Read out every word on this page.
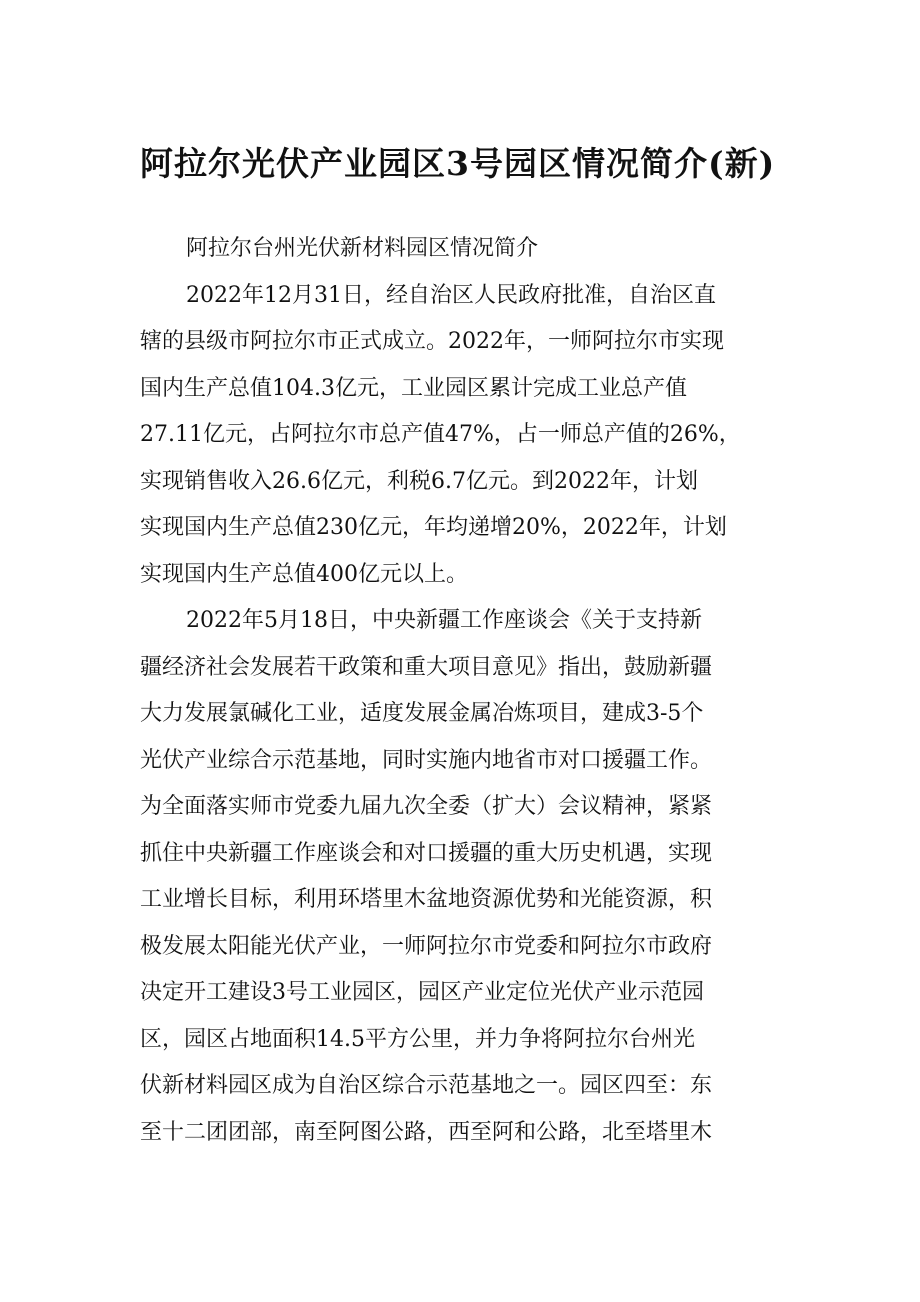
阿拉尔光伏产业园区3号园区情况简介(新)
阿拉尔台州光伏新材料园区情况简介
2022年12月31日，经自治区人民政府批准，自治区直
辖的县级市阿拉尔市正式成立。2022年，一师阿拉尔市实现
国内生产总值104.3亿元，工业园区累计完成工业总产值
27.11亿元，占阿拉尔市总产值47%，占一师总产值的26%，
实现销售收入26.6亿元，利税6.7亿元。到2022年，计划
实现国内生产总值230亿元，年均递增20%，2022年，计划
实现国内生产总值400亿元以上。
2022年5月18日，中央新疆工作座谈会《关于支持新
疆经济社会发展若干政策和重大项目意见》指出，鼓励新疆
大力发展氯碱化工业，适度发展金属冶炼项目，建成3-5个
光伏产业综合示范基地，同时实施内地省市对口援疆工作。
为全面落实师市党委九届九次全委（扩大）会议精神，紧紧
抓住中央新疆工作座谈会和对口援疆的重大历史机遇，实现
工业增长目标，利用环塔里木盆地资源优势和光能资源，积
极发展太阳能光伏产业，一师阿拉尔市党委和阿拉尔市政府
决定开工建设3号工业园区，园区产业定位光伏产业示范园
区，园区占地面积14.5平方公里，并力争将阿拉尔台州光
伏新材料园区成为自治区综合示范基地之一。园区四至：东
至十二团团部，南至阿图公路，西至阿和公路，北至塔里木
